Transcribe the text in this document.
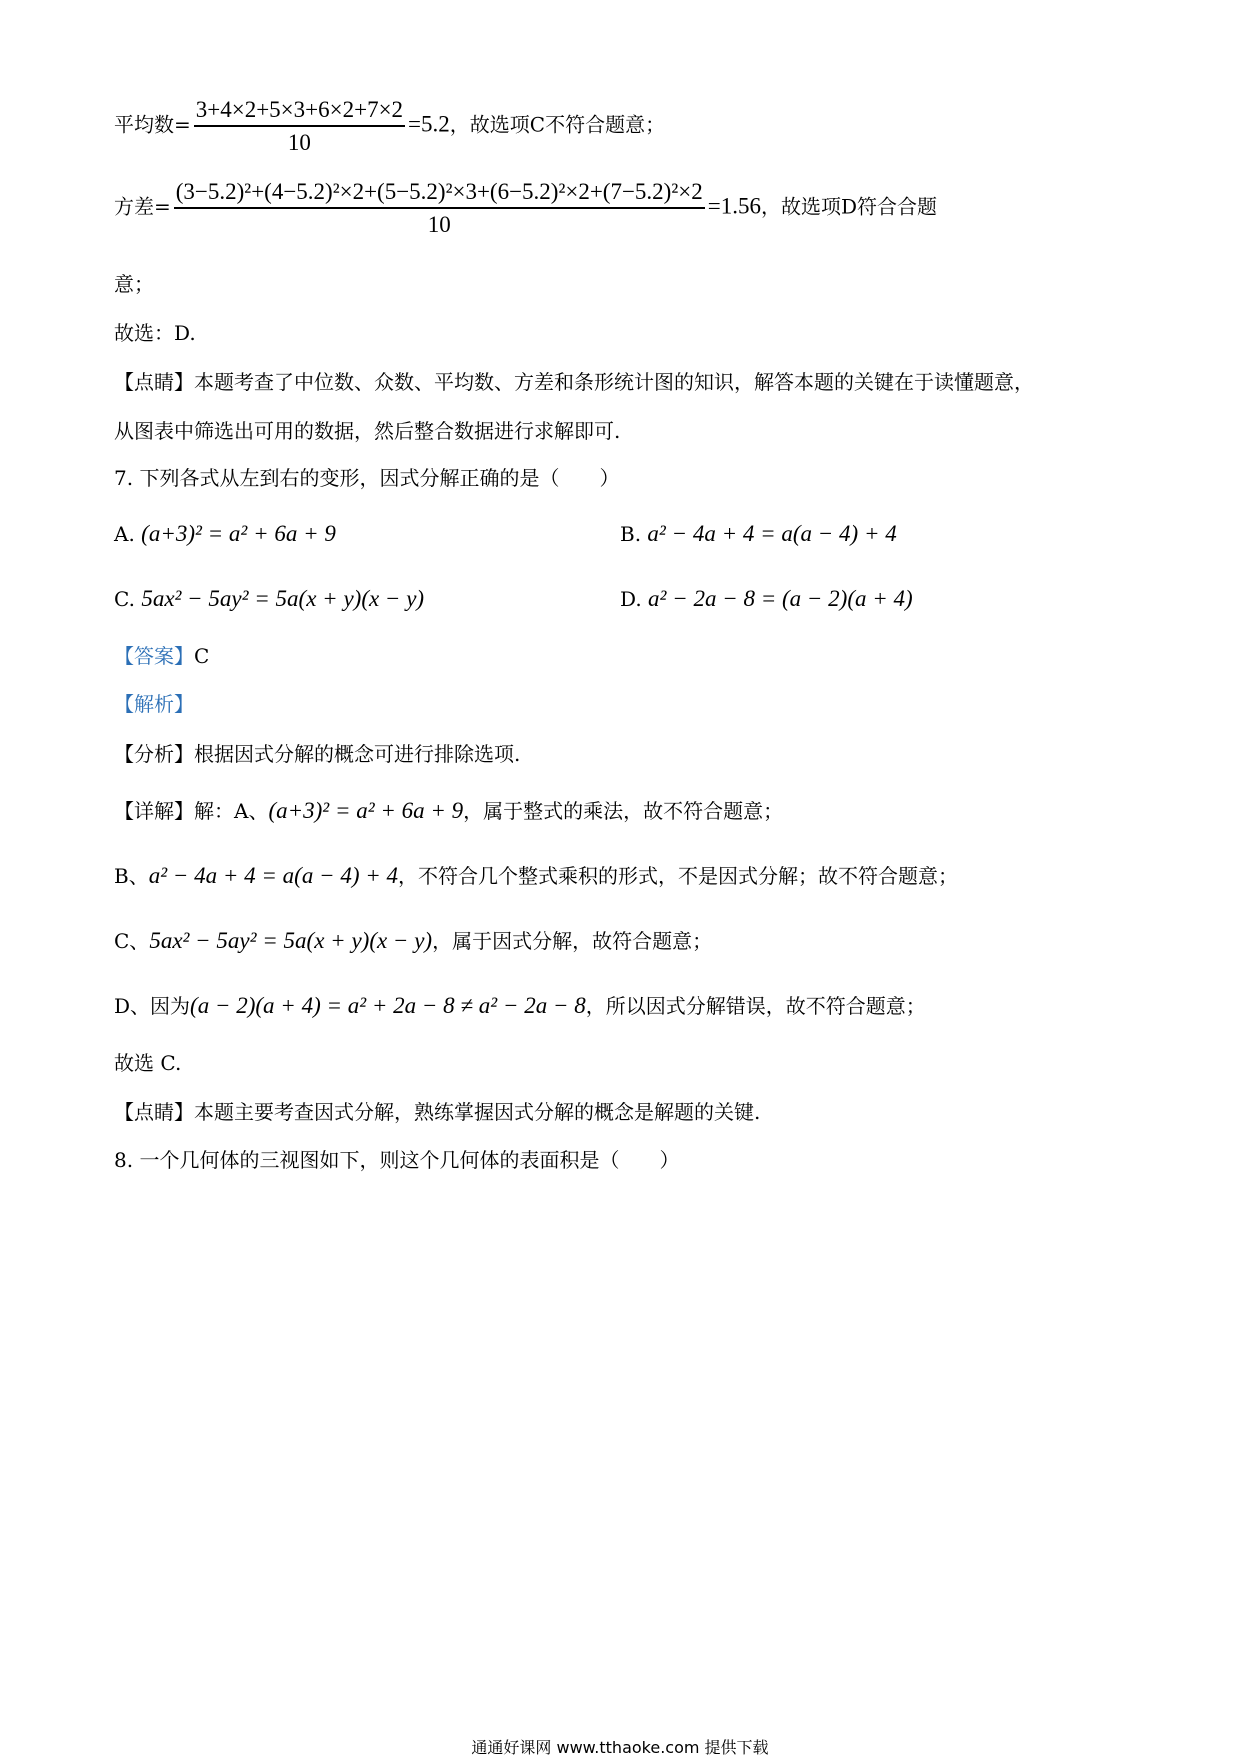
平均数= $\frac{3+4\times 2+5\times 3+6\times 2+7\times 2}{10} =5.2$，故选项C不符合题意；
方差= $\frac{\text{(3−5.2)²+(4−5.2)²×2+(5−5.2)²×3+(6−5.2)²×2+(7−5.2)²×2}}{10} =1.56$，故选项D符合合题
意；
故选：D.
【点睛】本题考查了中位数、众数、平均数、方差和条形统计图的知识，解答本题的关键在于读懂题意，
从图表中筛选出可用的数据，然后整合数据进行求解即可.
7. 下列各式从左到右的变形，因式分解正确的是（　　）
A. (a+3)² = a² + 6a + 9	B. a² − 4a + 4 = a(a − 4) + 4
C. 5ax² − 5ay² = 5a(x + y)(x − y)	D. a² − 2a − 8 = (a − 2)(a + 4)
【答案】C
【解析】
【分析】根据因式分解的概念可进行排除选项.
【详解】解：A、(a+3)² = a² + 6a + 9，属于整式的乘法，故不符合题意；
B、a² − 4a + 4 = a(a − 4) + 4，不符合几个整式乘积的形式，不是因式分解；故不符合题意；
C、5ax² − 5ay² = 5a(x + y)(x − y)，属于因式分解，故符合题意；
D、因为(a − 2)(a + 4) = a² + 2a − 8 ≠ a² − 2a − 8，所以因式分解错误，故不符合题意；
故选 C.
【点睛】本题主要考查因式分解，熟练掌握因式分解的概念是解题的关键.
8. 一个几何体的三视图如下，则这个几何体的表面积是（　　）
通通好课网 www.tthaoke.com 提供下载
